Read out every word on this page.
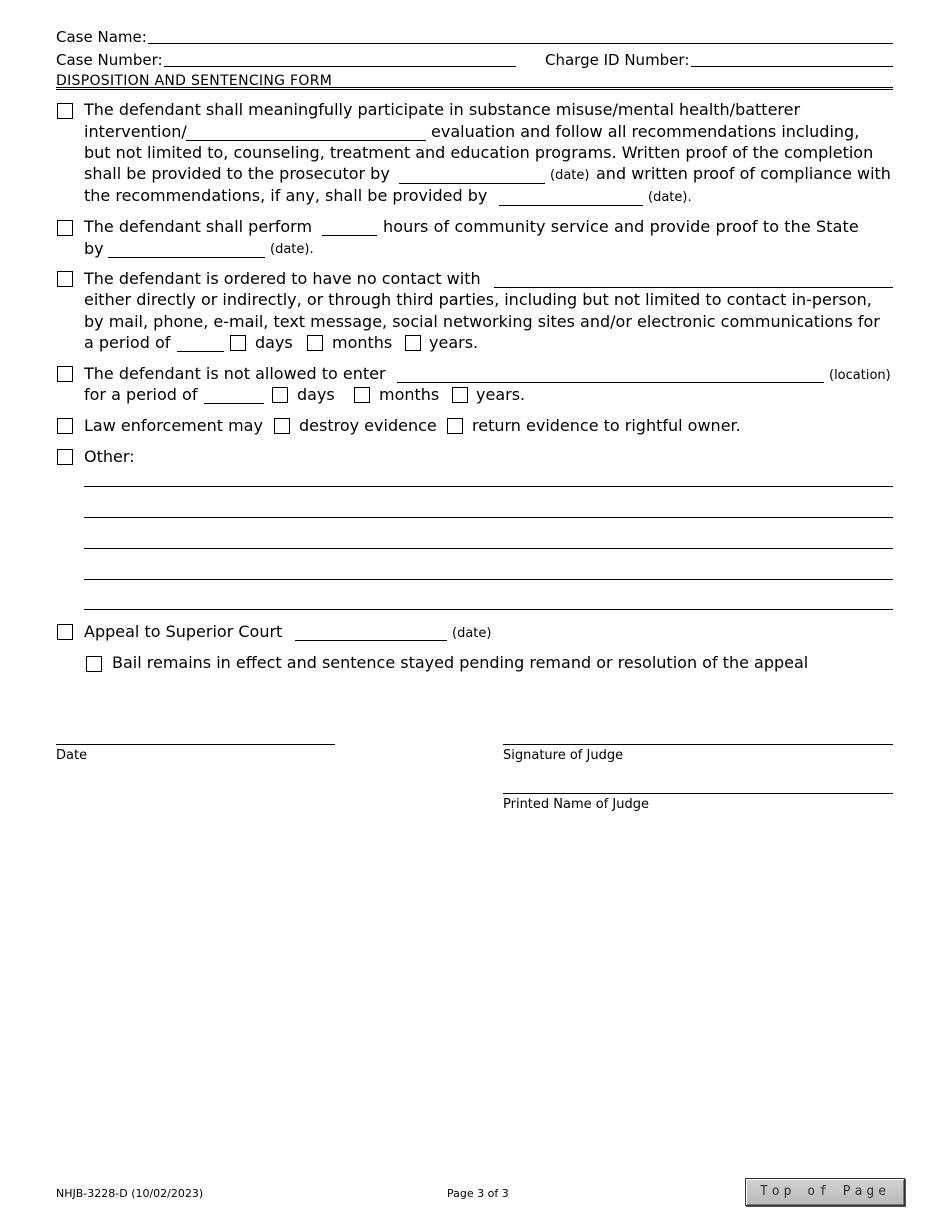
Case Name:
Case Number:	Charge ID Number:
DISPOSITION AND SENTENCING FORM
The defendant shall meaningfully participate in substance misuse/mental health/batterer
intervention/	evaluation and follow all recommendations including,
but not limited to, counseling, treatment and education programs. Written proof of the completion
shall be provided to the prosecutor by	(date) and written proof of compliance with
the recommendations, if any, shall be provided by	(date).
The defendant shall perform	hours of community service and provide proof to the State
by	(date).
The defendant is ordered to have no contact with
either directly or indirectly, or through third parties, including but not limited to contact in-person,
by mail, phone, e-mail, text message, social networking sites and/or electronic communications for
a period of	days months years.
The defendant is not allowed to enter	(location)
for a period of	days	months years.
Law enforcement may destroy evidence return evidence to rightful owner.
Other:
Appeal to Superior Court	(date)
Bail remains in effect and sentence stayed pending remand or resolution of the appeal
Date	Signature of Judge
Printed Name of Judge
NHJB-3228-D (10/02/2023)	Page 3 of 3	Top of Page
